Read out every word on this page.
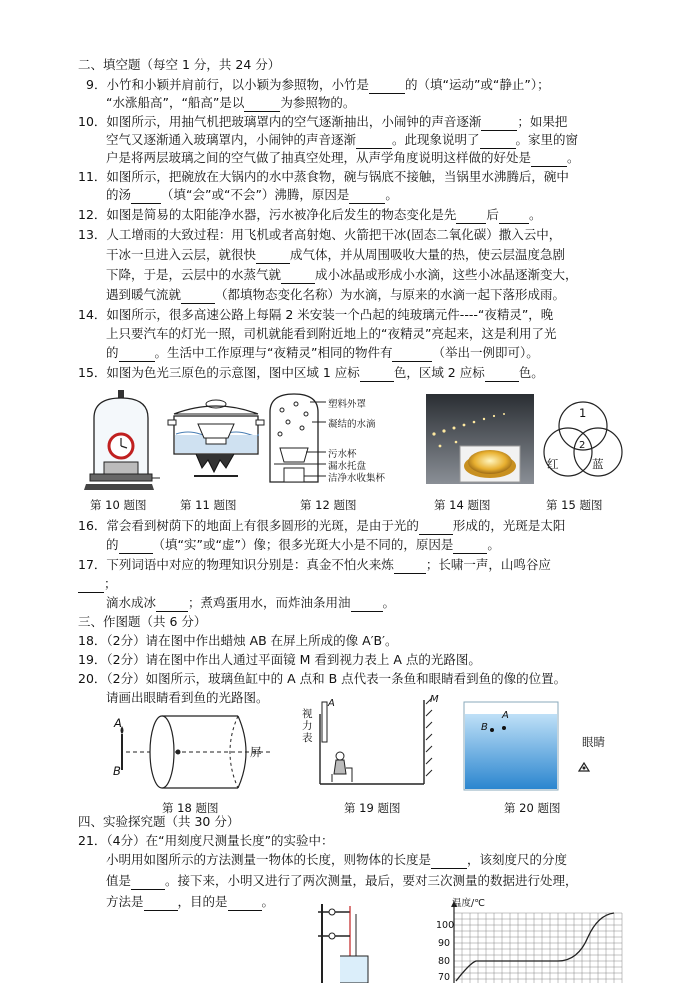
二、填空题（每空 1 分，共 24 分）
9．小竹和小颖并肩前行，以小颖为参照物，小竹是	的（填“运动”或“静止”）；
“水涨船高”，“船高”是以	为参照物的。
10．如图所示，用抽气机把玻璃罩内的空气逐渐抽出，小闹钟的声音逐渐	；如果把
空气又逐渐通入玻璃罩内，小闹钟的声音逐渐	。此现象说明了	。家里的窗
户是将两层玻璃之间的空气做了抽真空处理，从声学角度说明这样做的好处是	。
11．如图所示，把碗放在大锅内的水中蒸食物，碗与锅底不接触，当锅里水沸腾后，碗中
的汤 （填“会”或“不会”）沸腾，原因是	。
12．如图是简易的太阳能净水器，污水被净化后发生的物态变化是先 后 。
13．人工增雨的大致过程：用飞机或者高射炮、火箭把干冰(固态二氧化碳）撒入云中，
干冰一旦进入云层，就很快	成气体，并从周围吸收大量的热，使云层温度急剧
下降，于是，云层中的水蒸气就	成小冰晶或形成小水滴，这些小冰晶逐渐变大，
遇到暖气流就	（都填物态变化名称）为水滴，与原来的水滴一起下落形成雨。
14．如图所示，很多高速公路上每隔 2 米安装一个凸起的纯玻璃元件----“夜精灵”，晚
上只要汽车的灯光一照，司机就能看到附近地上的“夜精灵”亮起来，这是利用了光
的	。生活中工作原理与“夜精灵”相同的物件有	（举出一例即可）。
15．如图为色光三原色的示意图，图中区域 1 应标	色，区域 2 应标	色。
塑料外罩
凝结的水滴
污水杯
漏水托盘
洁净水收集杯
1
2
红	蓝
第 10 题图	第 11 题图	第 12 题图	第 14 题图	第 15 题图
16．常会看到树荫下的地面上有很多圆形的光斑，是由于光的	形成的，光斑是太阳
的	（填“实”或“虚”）像；很多光斑大小是不同的，原因是	。
17．下列词语中对应的物理知识分别是：真金不怕火来炼	；长啸一声，山鸣谷应
；
滴水成冰	；煮鸡蛋用水，而炸油条用油	。
三、作图题（共 6 分）
18．（2分）请在图中作出蜡烛 AB 在屏上所成的像 A′B′。
19．（2分）请在图中作出人通过平面镜 M 看到视力表上 A 点的光路图。
20．（2分）如图所示，玻璃鱼缸中的 A 点和 B 点代表一条鱼和眼睛看到鱼的像的位置。
请画出眼睛看到鱼的光路图。
A
B
屏
视力表
A	M
A
B
眼睛
第 18 题图	第 19 题图	第 20 题图
四、实验探究题（共 30 分）
21．（4分）在“用刻度尺测量长度”的实验中：
小明用如图所示的方法测量一物体的长度，则物体的长度是	，该刻度尺的分度
值是	。接下来，小明又进行了两次测量，最后，要对三次测量的数据进行处理，
方法是	，目的是	。	温度/℃
100
90
80
70
